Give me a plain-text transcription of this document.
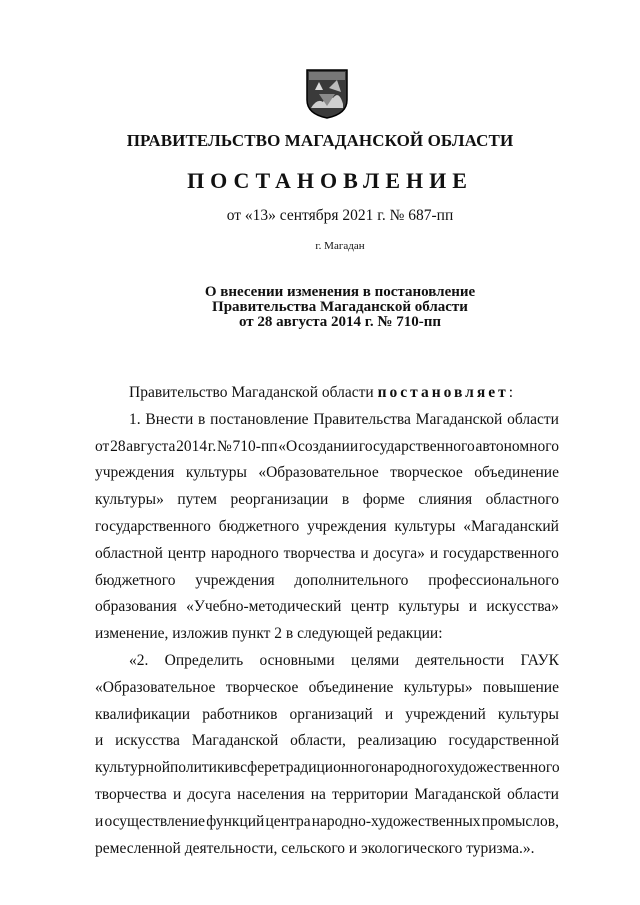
ПРАВИТЕЛЬСТВО МАГАДАНСКОЙ ОБЛАСТИ
ПОСТАНОВЛЕНИЕ
от «13» сентября 2021 г. № 687-пп
г. Магадан
О внесении изменения в постановление
Правительства Магаданской области
от 28 августа 2014 г. № 710-пп
Правительство Магаданской области постановляет:
1. Внести в постановление Правительства Магаданской области
от 28 августа 2014 г. № 710-пп «О создании государственного автономного
учреждения культуры «Образовательное творческое объединение
культуры» путем реорганизации в форме слияния областного
государственного бюджетного учреждения культуры «Магаданский
областной центр народного творчества и досуга» и государственного
бюджетного учреждения дополнительного профессионального
образования «Учебно-методический центр культуры и искусства»
изменение, изложив пункт 2 в следующей редакции:
«2. Определить основными целями деятельности ГАУК
«Образовательное творческое объединение культуры» повышение
квалификации работников организаций и учреждений культуры
и искусства Магаданской области, реализацию государственной
культурной политики в сфере традиционного народного художественного
творчества и досуга населения на территории Магаданской области
и осуществление функций центра народно-художественных промыслов,
ремесленной деятельности, сельского и экологического туризма.».
